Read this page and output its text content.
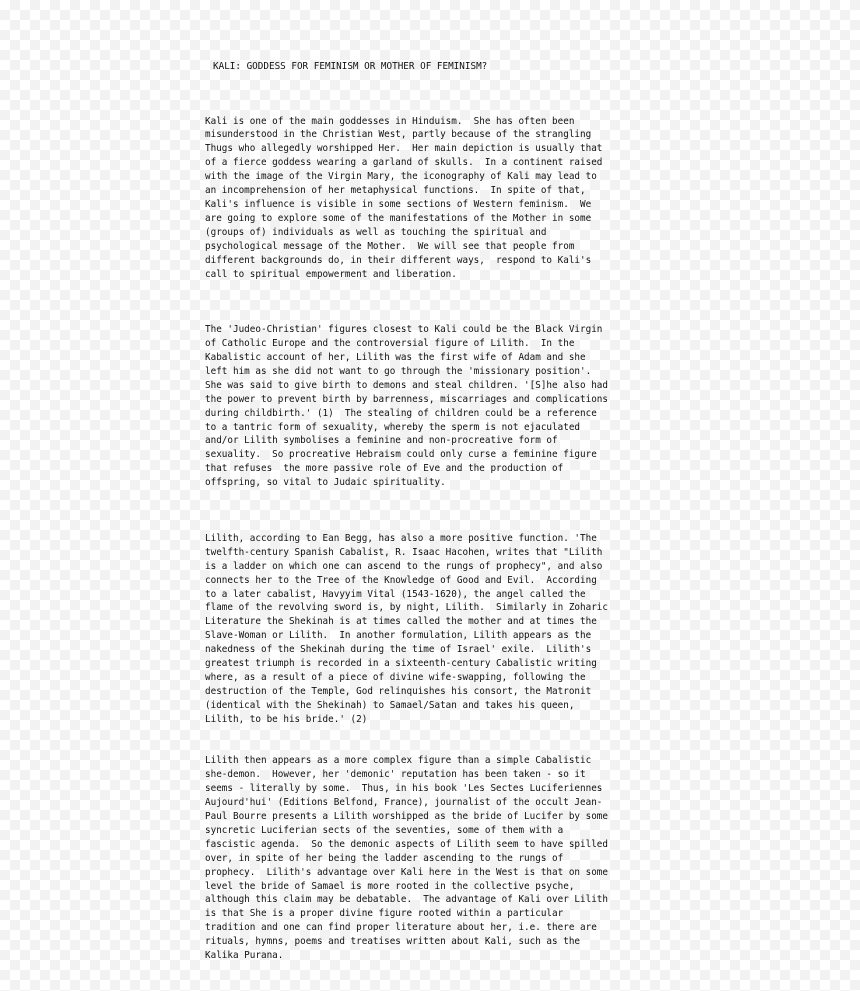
KALI: GODDESS FOR FEMINISM OR MOTHER OF FEMINISM?

Kali is one of the main goddesses in Hinduism.  She has often been
misunderstood in the Christian West, partly because of the strangling
Thugs who allegedly worshipped Her.  Her main depiction is usually that
of a fierce goddess wearing a garland of skulls.  In a continent raised
with the image of the Virgin Mary, the iconography of Kali may lead to
an incomprehension of her metaphysical functions.  In spite of that,
Kali's influence is visible in some sections of Western feminism.  We
are going to explore some of the manifestations of the Mother in some
(groups of) individuals as well as touching the spiritual and
psychological message of the Mother.  We will see that people from
different backgrounds do, in their different ways,  respond to Kali's
call to spiritual empowerment and liberation.

The 'Judeo-Christian' figures closest to Kali could be the Black Virgin
of Catholic Europe and the controversial figure of Lilith.  In the
Kabalistic account of her, Lilith was the first wife of Adam and she
left him as she did not want to go through the 'missionary position'.
She was said to give birth to demons and steal children. '[S]he also had
the power to prevent birth by barrenness, miscarriages and complications
during childbirth.' (1)  The stealing of children could be a reference
to a tantric form of sexuality, whereby the sperm is not ejaculated
and/or Lilith symbolises a feminine and non-procreative form of
sexuality.  So procreative Hebraism could only curse a feminine figure
that refuses  the more passive role of Eve and the production of
offspring, so vital to Judaic spirituality.

Lilith, according to Ean Begg, has also a more positive function. 'The
twelfth-century Spanish Cabalist, R. Isaac Hacohen, writes that "Lilith
is a ladder on which one can ascend to the rungs of prophecy", and also
connects her to the Tree of the Knowledge of Good and Evil.  According
to a later cabalist, Havyyim Vital (1543-1620), the angel called the
flame of the revolving sword is, by night, Lilith.  Similarly in Zoharic
Literature the Shekinah is at times called the mother and at times the
Slave-Woman or Lilith.  In another formulation, Lilith appears as the
nakedness of the Shekinah during the time of Israel' exile.  Lilith's
greatest triumph is recorded in a sixteenth-century Cabalistic writing
where, as a result of a piece of divine wife-swapping, following the
destruction of the Temple, God relinquishes his consort, the Matronit
(identical with the Shekinah) to Samael/Satan and takes his queen,
Lilith, to be his bride.' (2)

Lilith then appears as a more complex figure than a simple Cabalistic
she-demon.  However, her 'demonic' reputation has been taken - so it
seems - literally by some.  Thus, in his book 'Les Sectes Luciferiennes
Aujourd'hui' (Editions Belfond, France), journalist of the occult Jean-
Paul Bourre presents a Lilith worshipped as the bride of Lucifer by some
syncretic Luciferian sects of the seventies, some of them with a
fascistic agenda.  So the demonic aspects of Lilith seem to have spilled
over, in spite of her being the ladder ascending to the rungs of
prophecy.  Lilith's advantage over Kali here in the West is that on some
level the bride of Samael is more rooted in the collective psyche,
although this claim may be debatable.  The advantage of Kali over Lilith
is that She is a proper divine figure rooted within a particular
tradition and one can find proper literature about her, i.e. there are
rituals, hymns, poems and treatises written about Kali, such as the
Kalika Purana.
